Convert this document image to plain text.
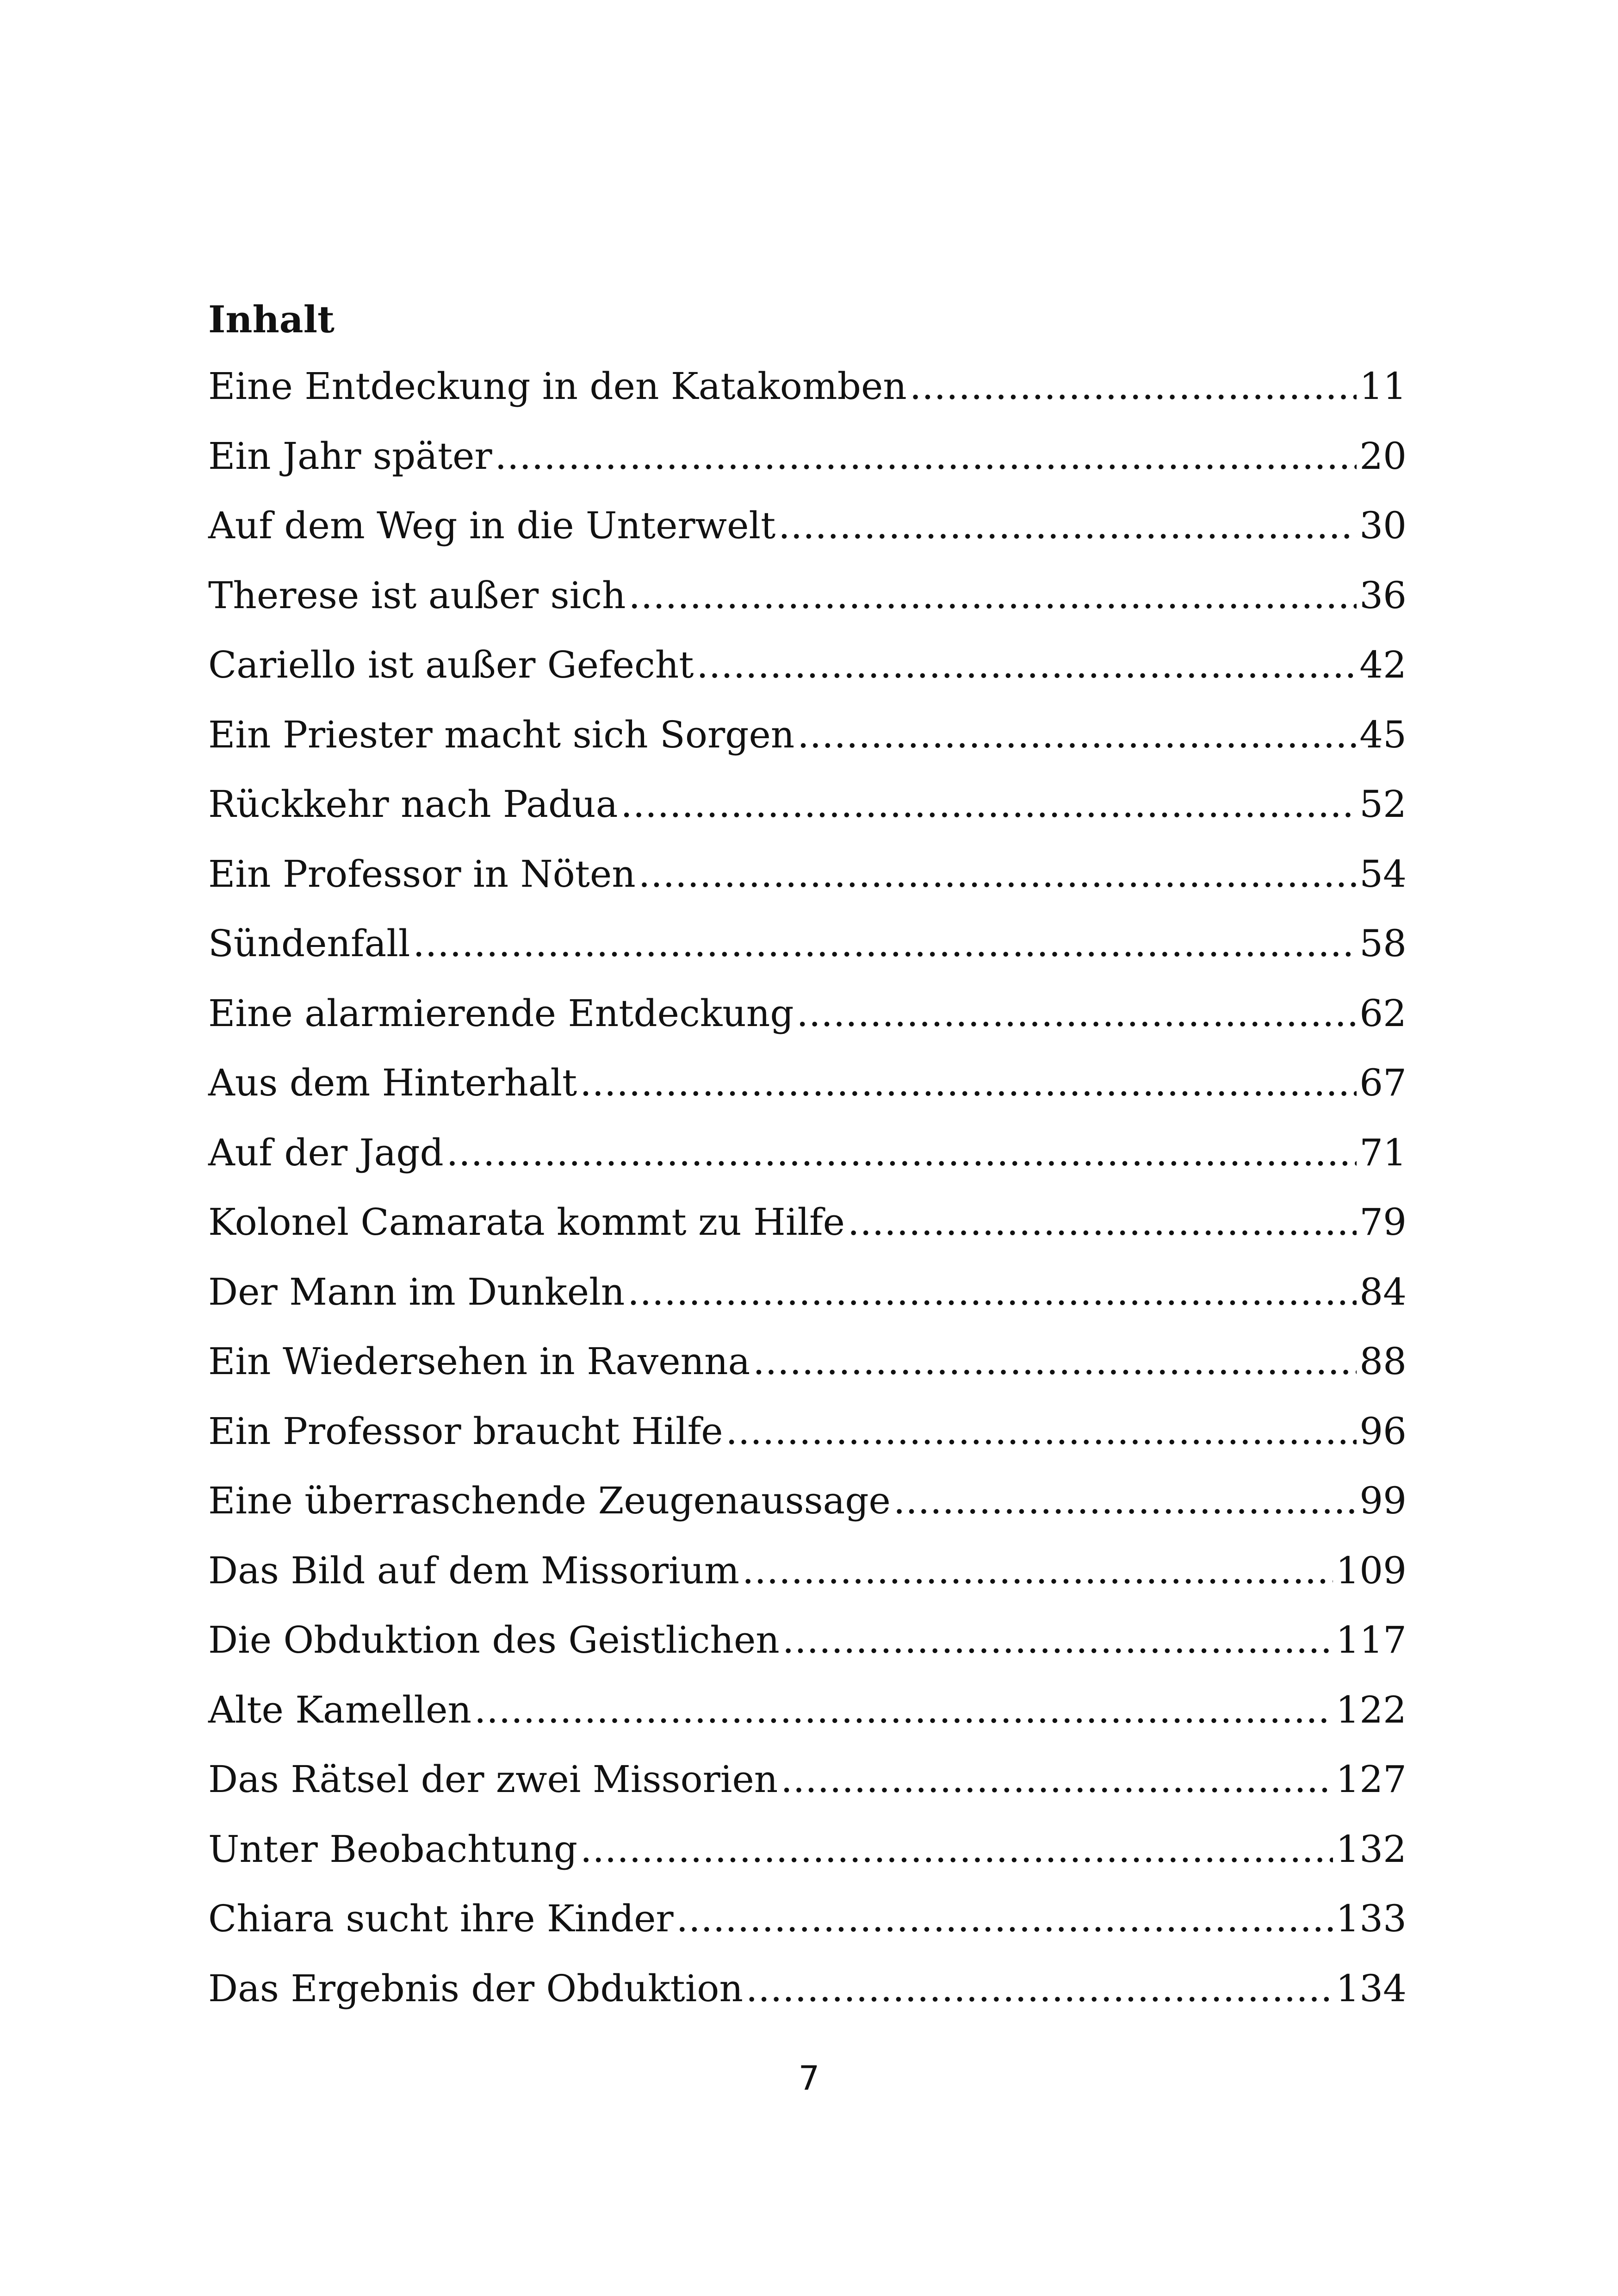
Inhalt
Eine Entdeckung in den Katakomben .....	11
Ein Jahr später .....	20
Auf dem Weg in die Unterwelt .....	30
Therese ist außer sich .....	36
Cariello ist außer Gefecht .....	42
Ein Priester macht sich Sorgen .....	45
Rückkehr nach Padua .....	52
Ein Professor in Nöten .....	54
Sündenfall .....	58
Eine alarmierende Entdeckung .....	62
Aus dem Hinterhalt .....	67
Auf der Jagd .....	71
Kolonel Camarata kommt zu Hilfe .....	79
Der Mann im Dunkeln .....	84
Ein Wiedersehen in Ravenna .....	88
Ein Professor braucht Hilfe .....	96
Eine überraschende Zeugenaussage .....	99
Das Bild auf dem Missorium .....	109
Die Obduktion des Geistlichen .....	117
Alte Kamellen .....	122
Das Rätsel der zwei Missorien .....	127
Unter Beobachtung .....	132
Chiara sucht ihre Kinder .....	133
Das Ergebnis der Obduktion .....	134
7
